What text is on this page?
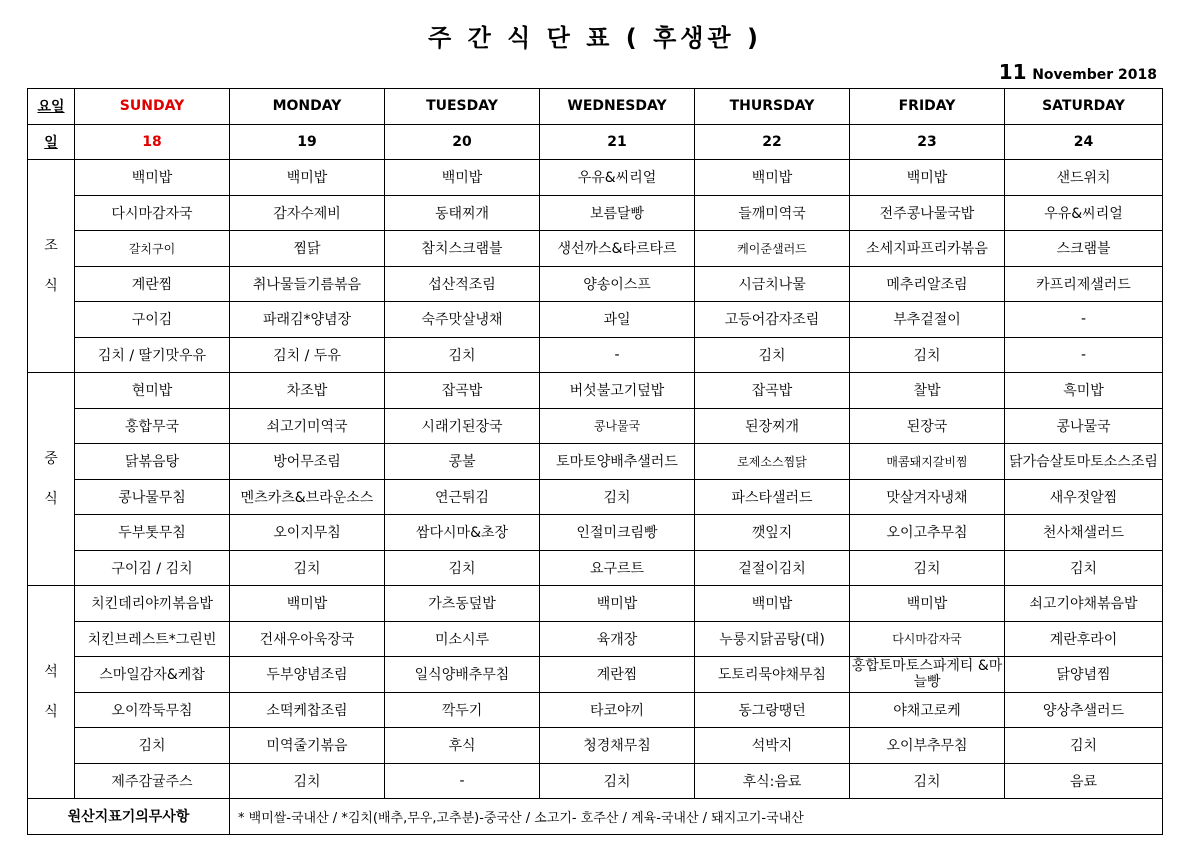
주 간 식 단 표 ( 후생관 )
11 November 2018
요일	SUNDAY	MONDAY	TUESDAY	WEDNESDAY	THURSDAY	FRIDAY	SATURDAY
일	18	19	20	21	22	23	24
조

식	백미밥	백미밥	백미밥	우유&씨리얼	백미밥	백미밥	샌드위치
	다시마감자국	감자수제비	동태찌개	보름달빵	들깨미역국	전주콩나물국밥	우유&씨리얼
	갈치구이	찜닭	참치스크램블	생선까스&타르타르	케이준샐러드	소세지파프리카볶음	스크램블
	계란찜	취나물들기름볶음	섭산적조림	양송이스프	시금치나물	메추리알조림	카프리제샐러드
	구이김	파래김*양념장	숙주맛살냉채	과일	고등어감자조림	부추겉절이	-
	김치 / 딸기맛우유	김치 / 두유	김치	-	김치	김치	-
중

식	현미밥	차조밥	잡곡밥	버섯불고기덮밥	잡곡밥	찰밥	흑미밥
	홍합무국	쇠고기미역국	시래기된장국	콩나물국	된장찌개	된장국	콩나물국
	닭볶음탕	방어무조림	콩불	토마토양배추샐러드	로제소스찜닭	매콤돼지갈비찜	닭가슴살토마토소스조림
	콩나물무침	멘츠카츠&브라운소스	연근튀김	김치	파스타샐러드	맛살겨자냉채	새우젓알찜
	두부톳무침	오이지무침	쌈다시마&초장	인절미크림빵	깻잎지	오이고추무침	천사채샐러드
	구이김 / 김치	김치	김치	요구르트	겉절이김치	김치	김치
석

식	치킨데리야끼볶음밥	백미밥	가츠동덮밥	백미밥	백미밥	백미밥	쇠고기야채볶음밥
	치킨브레스트*그린빈	건새우아욱장국	미소시루	육개장	누룽지닭곰탕(대)	다시마감자국	계란후라이
	스마일감자&케찹	두부양념조림	일식양배추무침	계란찜	도토리묵야채무침	홍합토마토스파게티 &마늘빵	닭양념찜
	오이깍둑무침	소떡케찹조림	깍두기	타코야끼	동그랑땡던	야채고로케	양상추샐러드
	김치	미역줄기볶음	후식	청경채무침	석박지	오이부추무침	김치
	제주감귤주스	김치	-	김치	후식:음료	김치	음료
원산지표기의무사항		* 백미쌀-국내산 / *김치(배추,무우,고추분)-중국산 / 소고기- 호주산 / 계육-국내산 / 돼지고기-국내산					
